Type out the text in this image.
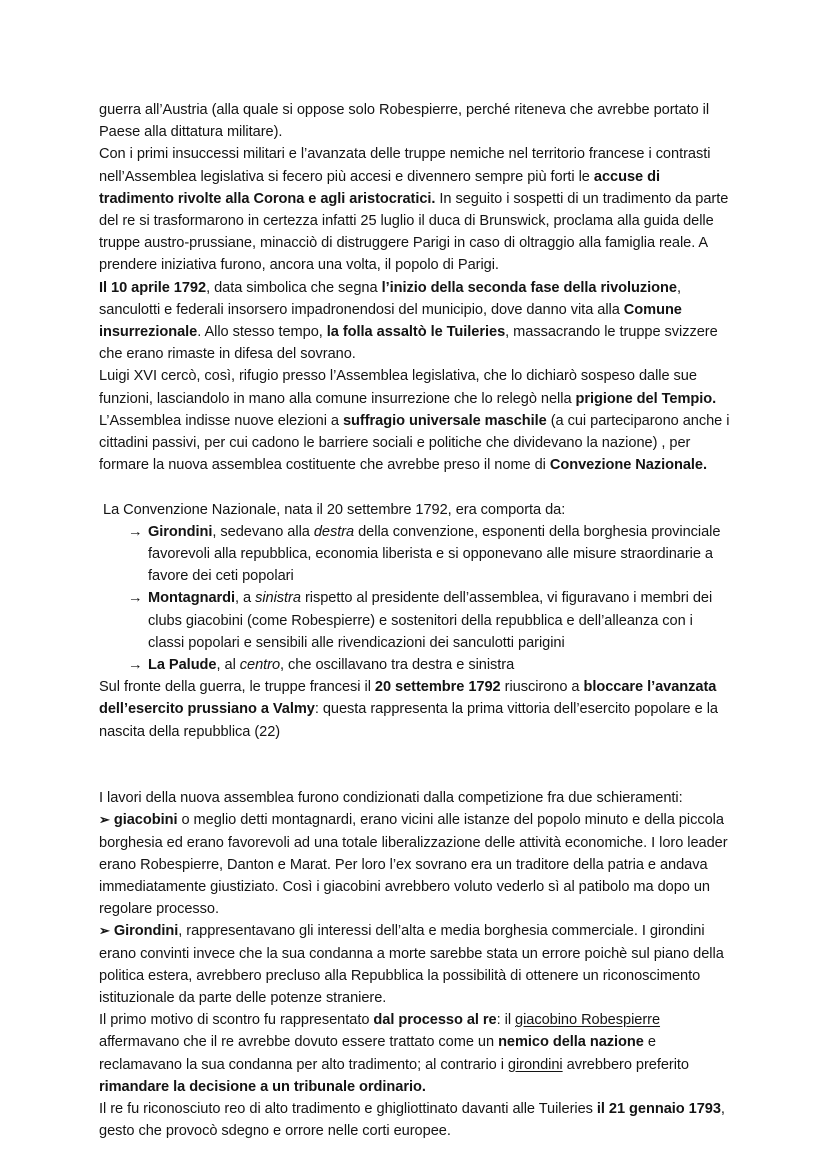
guerra all’Austria (alla quale si oppose solo Robespierre, perché riteneva che avrebbe portato il Paese alla dittatura militare).

Con i primi insuccessi militari e l’avanzata delle truppe nemiche nel territorio francese i contrasti nell’Assemblea legislativa si fecero più accesi e divennero sempre più forti le accuse di tradimento rivolte alla Corona e agli aristocratici. In seguito i sospetti di un tradimento da parte del re si trasformarono in certezza infatti 25 luglio il duca di Brunswick, proclama alla guida delle truppe austro-prussiane, minacciò di distruggere Parigi in caso di oltraggio alla famiglia reale. A prendere iniziativa furono, ancora una volta, il popolo di Parigi.

Il 10 aprile 1792, data simbolica che segna l’inizio della seconda fase della rivoluzione, sanculotti e federali insorsero impadronendosi del municipio, dove danno vita alla Comune insurrezionale. Allo stesso tempo, la folla assaltò le Tuileries, massacrando le truppe svizzere che erano rimaste in difesa del sovrano.

Luigi XVI cercò, così, rifugio presso l’Assemblea legislativa, che lo dichiarò sospeso dalle sue funzioni, lasciandolo in mano alla comune insurrezione che lo relegò nella prigione del Tempio.

L’Assemblea indisse nuove elezioni a suffragio universale maschile (a cui parteciparono anche i cittadini passivi, per cui cadono le barriere sociali e politiche che dividevano la nazione) , per formare la nuova assemblea costituente che avrebbe preso il nome di Convezione Nazionale.

La Convenzione Nazionale, nata il 20 settembre 1792, era comporta da:

→ Girondini, sedevano alla destra della convenzione, esponenti della borghesia provinciale favorevoli alla repubblica, economia liberista e si opponevano alle misure straordinarie a favore dei ceti popolari
→ Montagnardi, a sinistra rispetto al presidente dell’assemblea, vi figuravano i membri dei clubs giacobini (come Robespierre) e sostenitori della repubblica e dell’alleanza con i classi popolari e sensibili alle rivendicazioni dei sanculotti parigini
→ La Palude, al centro, che oscillavano tra destra e sinistra

Sul fronte della guerra, le truppe francesi il 20 settembre 1792 riuscirono a bloccare l’avanzata dell’esercito prussiano a Valmy: questa rappresenta la prima vittoria dell’esercito popolare e la nascita della repubblica (22)

I lavori della nuova assemblea furono condizionati dalla competizione fra due schieramenti:

➢ giacobini o meglio detti montagnardi, erano vicini alle istanze del popolo minuto e della piccola borghesia ed erano favorevoli ad una totale liberalizzazione delle attività economiche. I loro leader erano Robespierre, Danton e Marat. Per loro l’ex sovrano era un traditore della patria e andava immediatamente giustiziato. Così i giacobini avrebbero voluto vederlo sì al patibolo ma dopo un regolare processo.
➢ Girondini, rappresentavano gli interessi dell’alta e media borghesia commerciale. I girondini erano convinti invece che la sua condanna a morte sarebbe stata un errore poichè sul piano della politica estera, avrebbero precluso alla Repubblica la possibilità di ottenere un riconoscimento istituzionale da parte delle potenze straniere.

Il primo motivo di scontro fu rappresentato dal processo al re: il giacobino Robespierre affermavano che il re avrebbe dovuto essere trattato come un nemico della nazione e reclamavano la sua condanna per alto tradimento; al contrario i girondini avrebbero preferito rimandare la decisione a un tribunale ordinario.

Il re fu riconosciuto reo di alto tradimento e ghigliottinato davanti alle Tuileries il 21 gennaio 1793, gesto che provocò sdegno e orrore nelle corti europee.
